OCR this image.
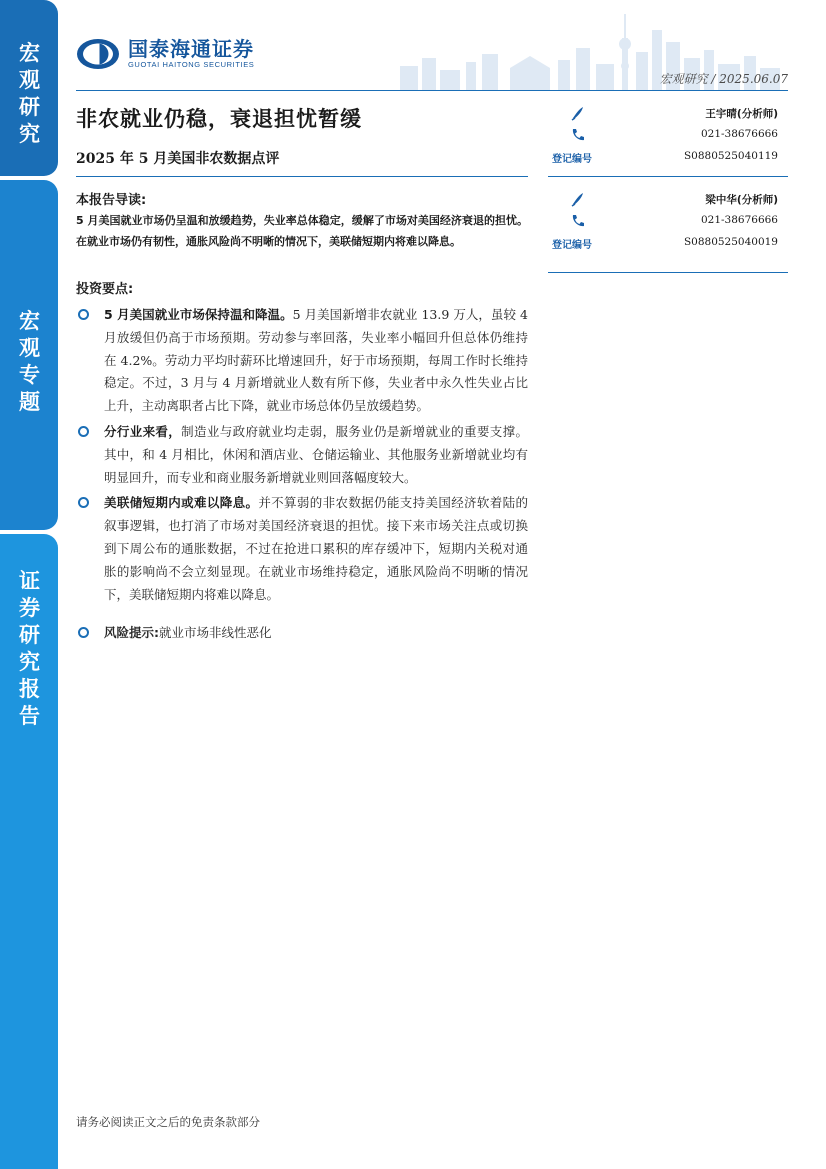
宏观研究
宏观专题
证券研究报告
国泰海通证券
GUOTAI HAITONG SECURITIES
宏观研究 / 2025.06.07
非农就业仍稳，衰退担忧暂缓
2025 年 5 月美国非农数据点评
本报告导读:
5 月美国就业市场仍呈温和放缓趋势，失业率总体稳定，缓解了市场对美国经济衰退的担忧。在就业市场仍有韧性，通胀风险尚不明晰的情况下，美联储短期内将难以降息。
投资要点:
5 月美国就业市场保持温和降温。5 月美国新增非农就业 13.9 万人，虽较 4 月放缓但仍高于市场预期。劳动参与率回落，失业率小幅回升但总体仍维持在 4.2%。劳动力平均时薪环比增速回升，好于市场预期，每周工作时长维持稳定。不过，3 月与 4 月新增就业人数有所下修，失业者中永久性失业占比上升，主动离职者占比下降，就业市场总体仍呈放缓趋势。
分行业来看，制造业与政府就业均走弱，服务业仍是新增就业的重要支撑。其中，和 4 月相比，休闲和酒店业、仓储运输业、其他服务业新增就业均有明显回升，而专业和商业服务新增就业则回落幅度较大。
美联储短期内或难以降息。并不算弱的非农数据仍能支持美国经济软着陆的叙事逻辑，也打消了市场对美国经济衰退的担忧。接下来市场关注点或切换到下周公布的通胀数据，不过在抢进口累积的库存缓冲下，短期内关税对通胀的影响尚不会立刻显现。在就业市场维持稳定，通胀风险尚不明晰的情况下，美联储短期内将难以降息。
风险提示:就业市场非线性恶化
王宇晴(分析师)
021-38676666
登记编号	S0880525040119
梁中华(分析师)
021-38676666
登记编号	S0880525040019
请务必阅读正文之后的免责条款部分
